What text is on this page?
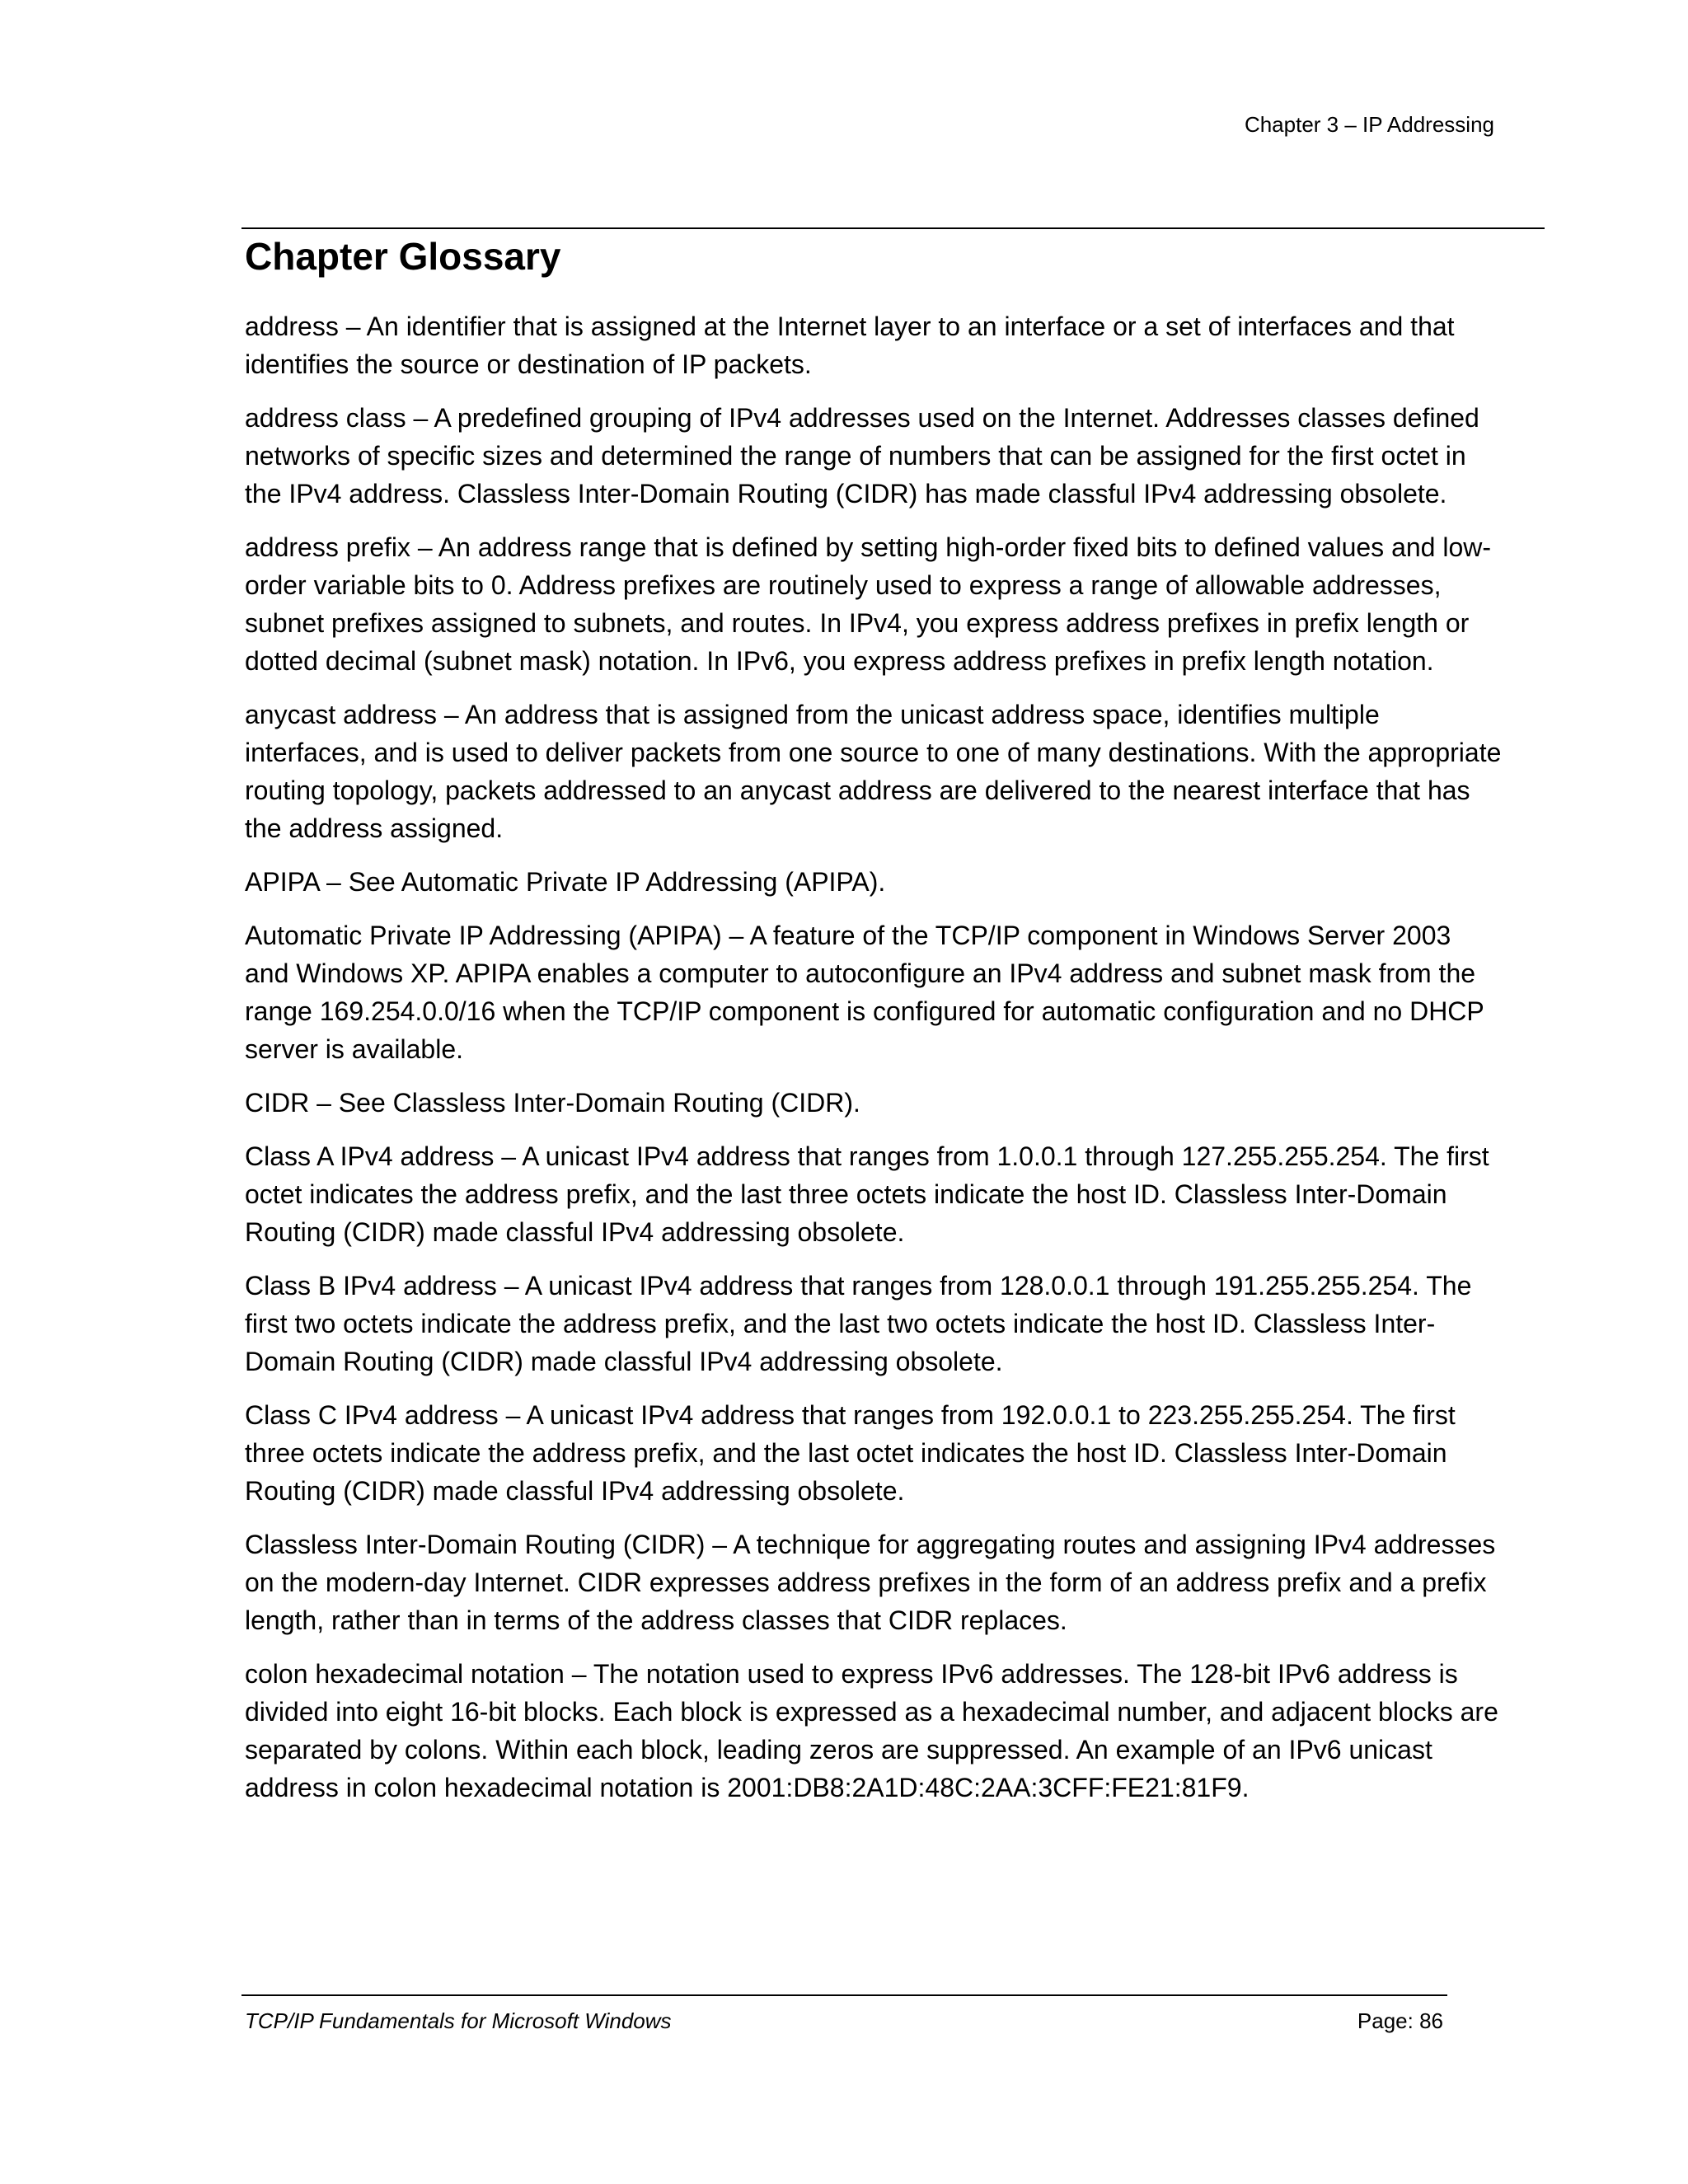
Chapter 3 – IP Addressing
Chapter Glossary

address – An identifier that is assigned at the Internet layer to an interface or a set of interfaces and that identifies the source or destination of IP packets.

address class – A predefined grouping of IPv4 addresses used on the Internet. Addresses classes defined networks of specific sizes and determined the range of numbers that can be assigned for the first octet in the IPv4 address. Classless Inter-Domain Routing (CIDR) has made classful IPv4 addressing obsolete.

address prefix – An address range that is defined by setting high-order fixed bits to defined values and low-order variable bits to 0. Address prefixes are routinely used to express a range of allowable addresses, subnet prefixes assigned to subnets, and routes. In IPv4, you express address prefixes in prefix length or dotted decimal (subnet mask) notation. In IPv6, you express address prefixes in prefix length notation.

anycast address – An address that is assigned from the unicast address space, identifies multiple interfaces, and is used to deliver packets from one source to one of many destinations. With the appropriate routing topology, packets addressed to an anycast address are delivered to the nearest interface that has the address assigned.

APIPA – See Automatic Private IP Addressing (APIPA).

Automatic Private IP Addressing (APIPA) – A feature of the TCP/IP component in Windows Server 2003 and Windows XP. APIPA enables a computer to autoconfigure an IPv4 address and subnet mask from the range 169.254.0.0/16 when the TCP/IP component is configured for automatic configuration and no DHCP server is available.

CIDR – See Classless Inter-Domain Routing (CIDR).

Class A IPv4 address – A unicast IPv4 address that ranges from 1.0.0.1 through 127.255.255.254. The first octet indicates the address prefix, and the last three octets indicate the host ID. Classless Inter-Domain Routing (CIDR) made classful IPv4 addressing obsolete.

Class B IPv4 address – A unicast IPv4 address that ranges from 128.0.0.1 through 191.255.255.254. The first two octets indicate the address prefix, and the last two octets indicate the host ID. Classless Inter-Domain Routing (CIDR) made classful IPv4 addressing obsolete.

Class C IPv4 address – A unicast IPv4 address that ranges from 192.0.0.1 to 223.255.255.254. The first three octets indicate the address prefix, and the last octet indicates the host ID. Classless Inter-Domain Routing (CIDR) made classful IPv4 addressing obsolete.

Classless Inter-Domain Routing (CIDR) – A technique for aggregating routes and assigning IPv4 addresses on the modern-day Internet. CIDR expresses address prefixes in the form of an address prefix and a prefix length, rather than in terms of the address classes that CIDR replaces.

colon hexadecimal notation – The notation used to express IPv6 addresses. The 128-bit IPv6 address is divided into eight 16-bit blocks. Each block is expressed as a hexadecimal number, and adjacent blocks are separated by colons. Within each block, leading zeros are suppressed. An example of an IPv6 unicast address in colon hexadecimal notation is 2001:DB8:2A1D:48C:2AA:3CFF:FE21:81F9.

TCP/IP Fundamentals for Microsoft Windows	Page: 86
